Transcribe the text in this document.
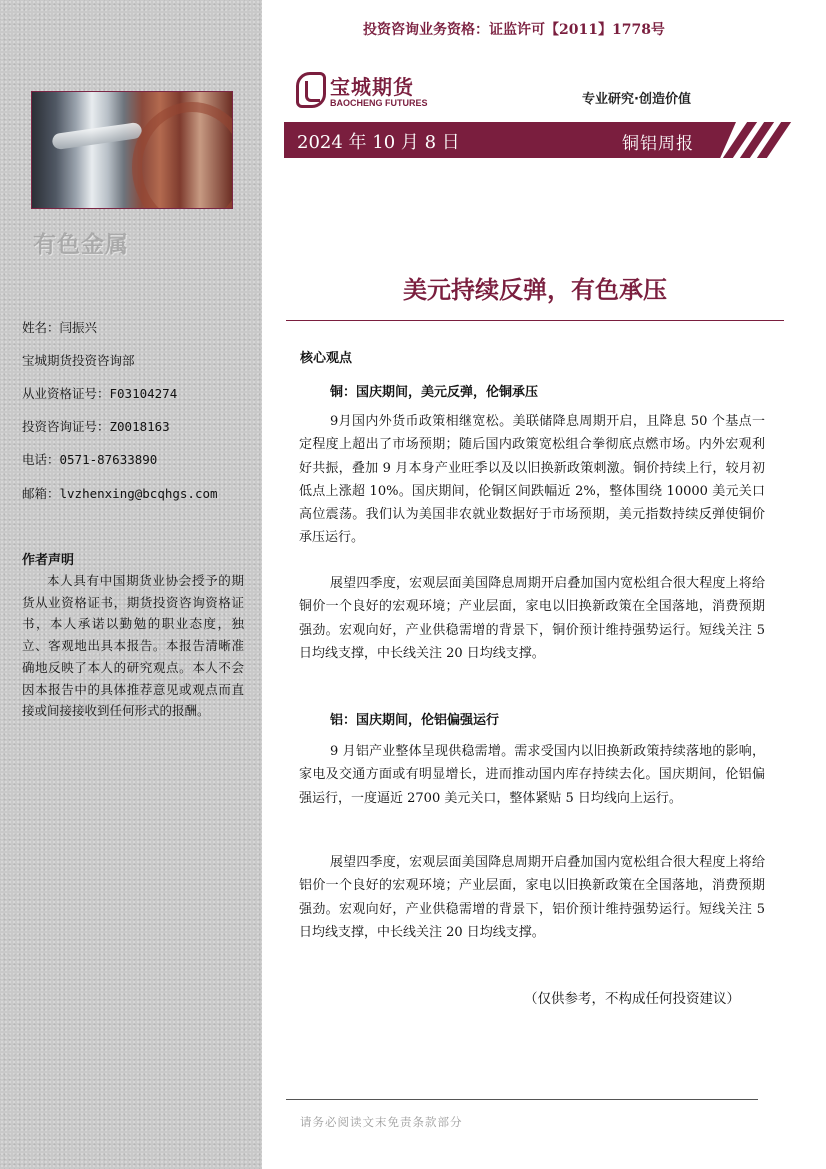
有色金属
姓名：闫振兴
宝城期货投资咨询部
从业资格证号：F03104274
投资咨询证号：Z0018163
电话：0571-87633890
邮箱：lvzhenxing@bcqhgs.com
作者声明
本人具有中国期货业协会授予的期货从业资格证书，期货投资咨询资格证书，本人承诺以勤勉的职业态度，独立、客观地出具本报告。本报告清晰准确地反映了本人的研究观点。本人不会因本报告中的具体推荐意见或观点而直接或间接接收到任何形式的报酬。
投资咨询业务资格：证监许可【2011】1778号
宝城期货
BAOCHENG FUTURES	专业研究·创造价值
2024 年 10 月 8 日	铜铝周报
美元持续反弹，有色承压
核心观点
铜：国庆期间，美元反弹，伦铜承压
9月国内外货币政策相继宽松。美联储降息周期开启，且降息 50 个基点一定程度上超出了市场预期；随后国内政策宽松组合拳彻底点燃市场。内外宏观利好共振，叠加 9 月本身产业旺季以及以旧换新政策刺激。铜价持续上行，较月初低点上涨超 10%。国庆期间，伦铜区间跌幅近 2%，整体围绕 10000 美元关口高位震荡。我们认为美国非农就业数据好于市场预期，美元指数持续反弹使铜价承压运行。
展望四季度，宏观层面美国降息周期开启叠加国内宽松组合很大程度上将给铜价一个良好的宏观环境；产业层面，家电以旧换新政策在全国落地，消费预期强劲。宏观向好，产业供稳需增的背景下，铜价预计维持强势运行。短线关注 5 日均线支撑，中长线关注 20 日均线支撑。
铝：国庆期间，伦铝偏强运行
9 月铝产业整体呈现供稳需增。需求受国内以旧换新政策持续落地的影响，家电及交通方面或有明显增长，进而推动国内库存持续去化。国庆期间，伦铝偏强运行，一度逼近 2700 美元关口，整体紧贴 5 日均线向上运行。
展望四季度，宏观层面美国降息周期开启叠加国内宽松组合很大程度上将给铝价一个良好的宏观环境；产业层面，家电以旧换新政策在全国落地，消费预期强劲。宏观向好，产业供稳需增的背景下，铝价预计维持强势运行。短线关注 5 日均线支撑，中长线关注 20 日均线支撑。
（仅供参考，不构成任何投资建议）
请务必阅读文末免责条款部分
